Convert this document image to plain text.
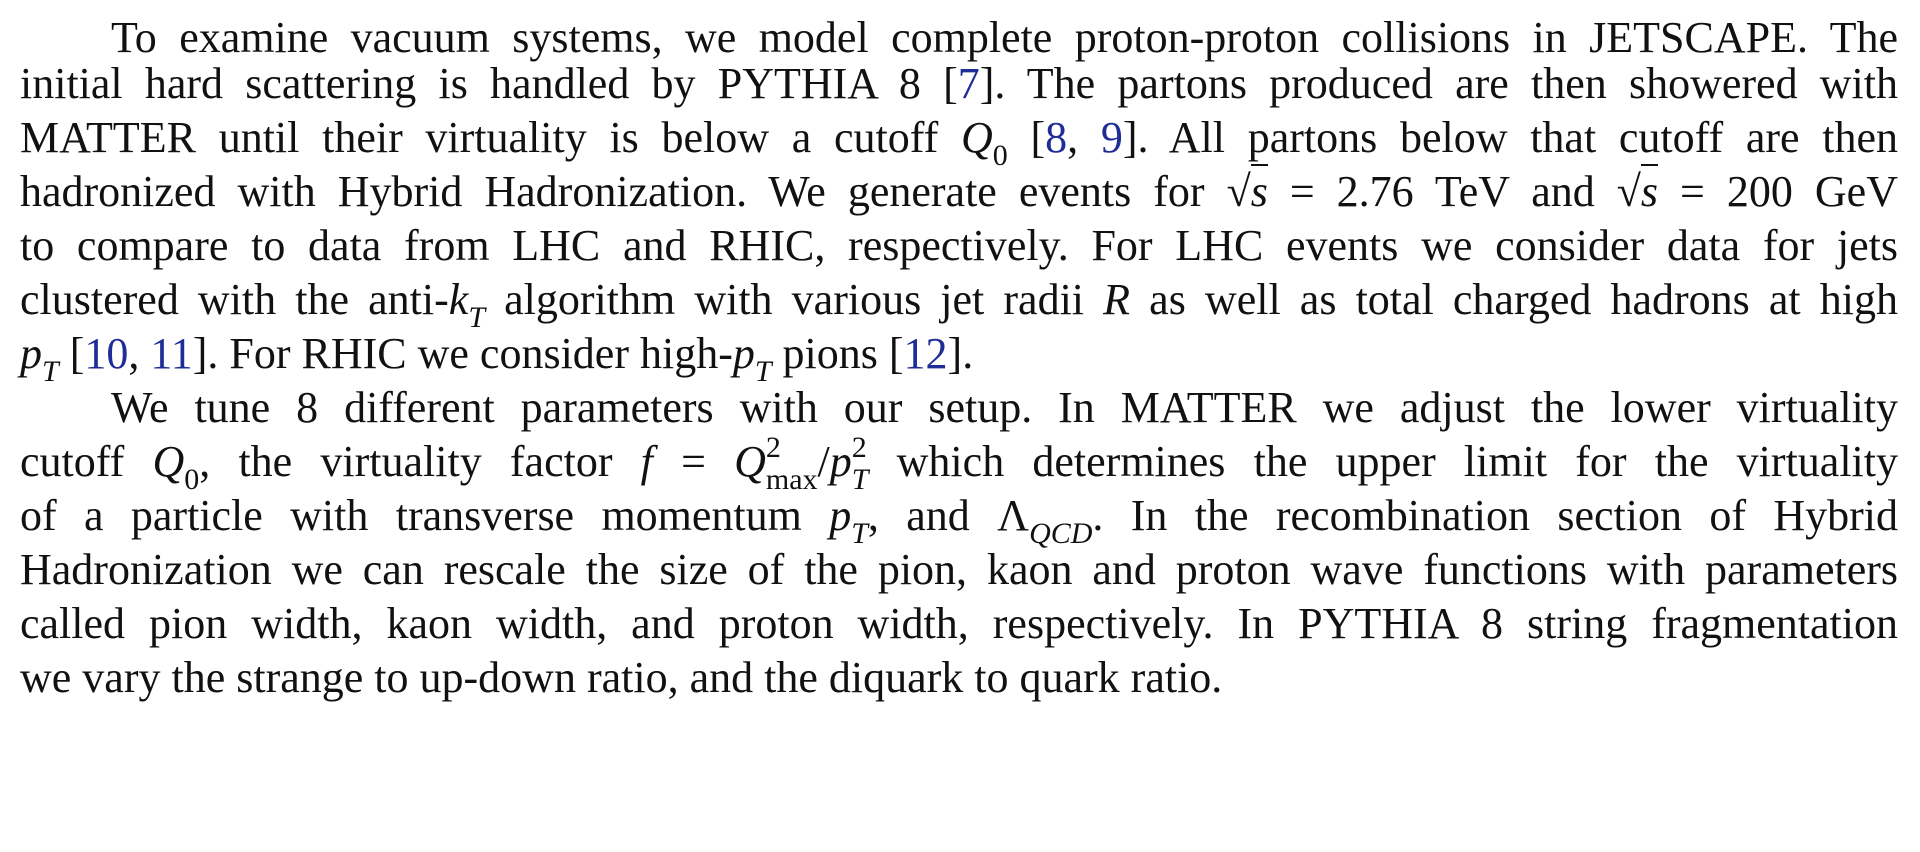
To examine vacuum systems, we model complete proton-proton collisions in JETSCAPE. The
initial hard scattering is handled by PYTHIA 8 [7]. The partons produced are then showered with
MATTER until their virtuality is below a cutoff $Q_0$ [8, 9]. All partons below that cutoff are then
hadronized with Hybrid Hadronization. We generate events for √s = 2.76 TeV and √s = 200 GeV
to compare to data from LHC and RHIC, respectively. For LHC events we consider data for jets
clustered with the anti-$k_T$ algorithm with various jet radii R as well as total charged hadrons at high
$p_T$ [10, 11]. For RHIC we consider high-$p_T$ pions [12].
We tune 8 different parameters with our setup. In MATTER we adjust the lower virtuality
cutoff $Q_0$, the virtuality factor $f = Q^2_{max}/p^2_T$ which determines the upper limit for the virtuality
of a particle with transverse momentum $p_T$, and $\Lambda_{QCD}$. In the recombination section of Hybrid
Hadronization we can rescale the size of the pion, kaon and proton wave functions with parameters
called pion width, kaon width, and proton width, respectively. In PYTHIA 8 string fragmentation
we vary the strange to up-down ratio, and the diquark to quark ratio.
